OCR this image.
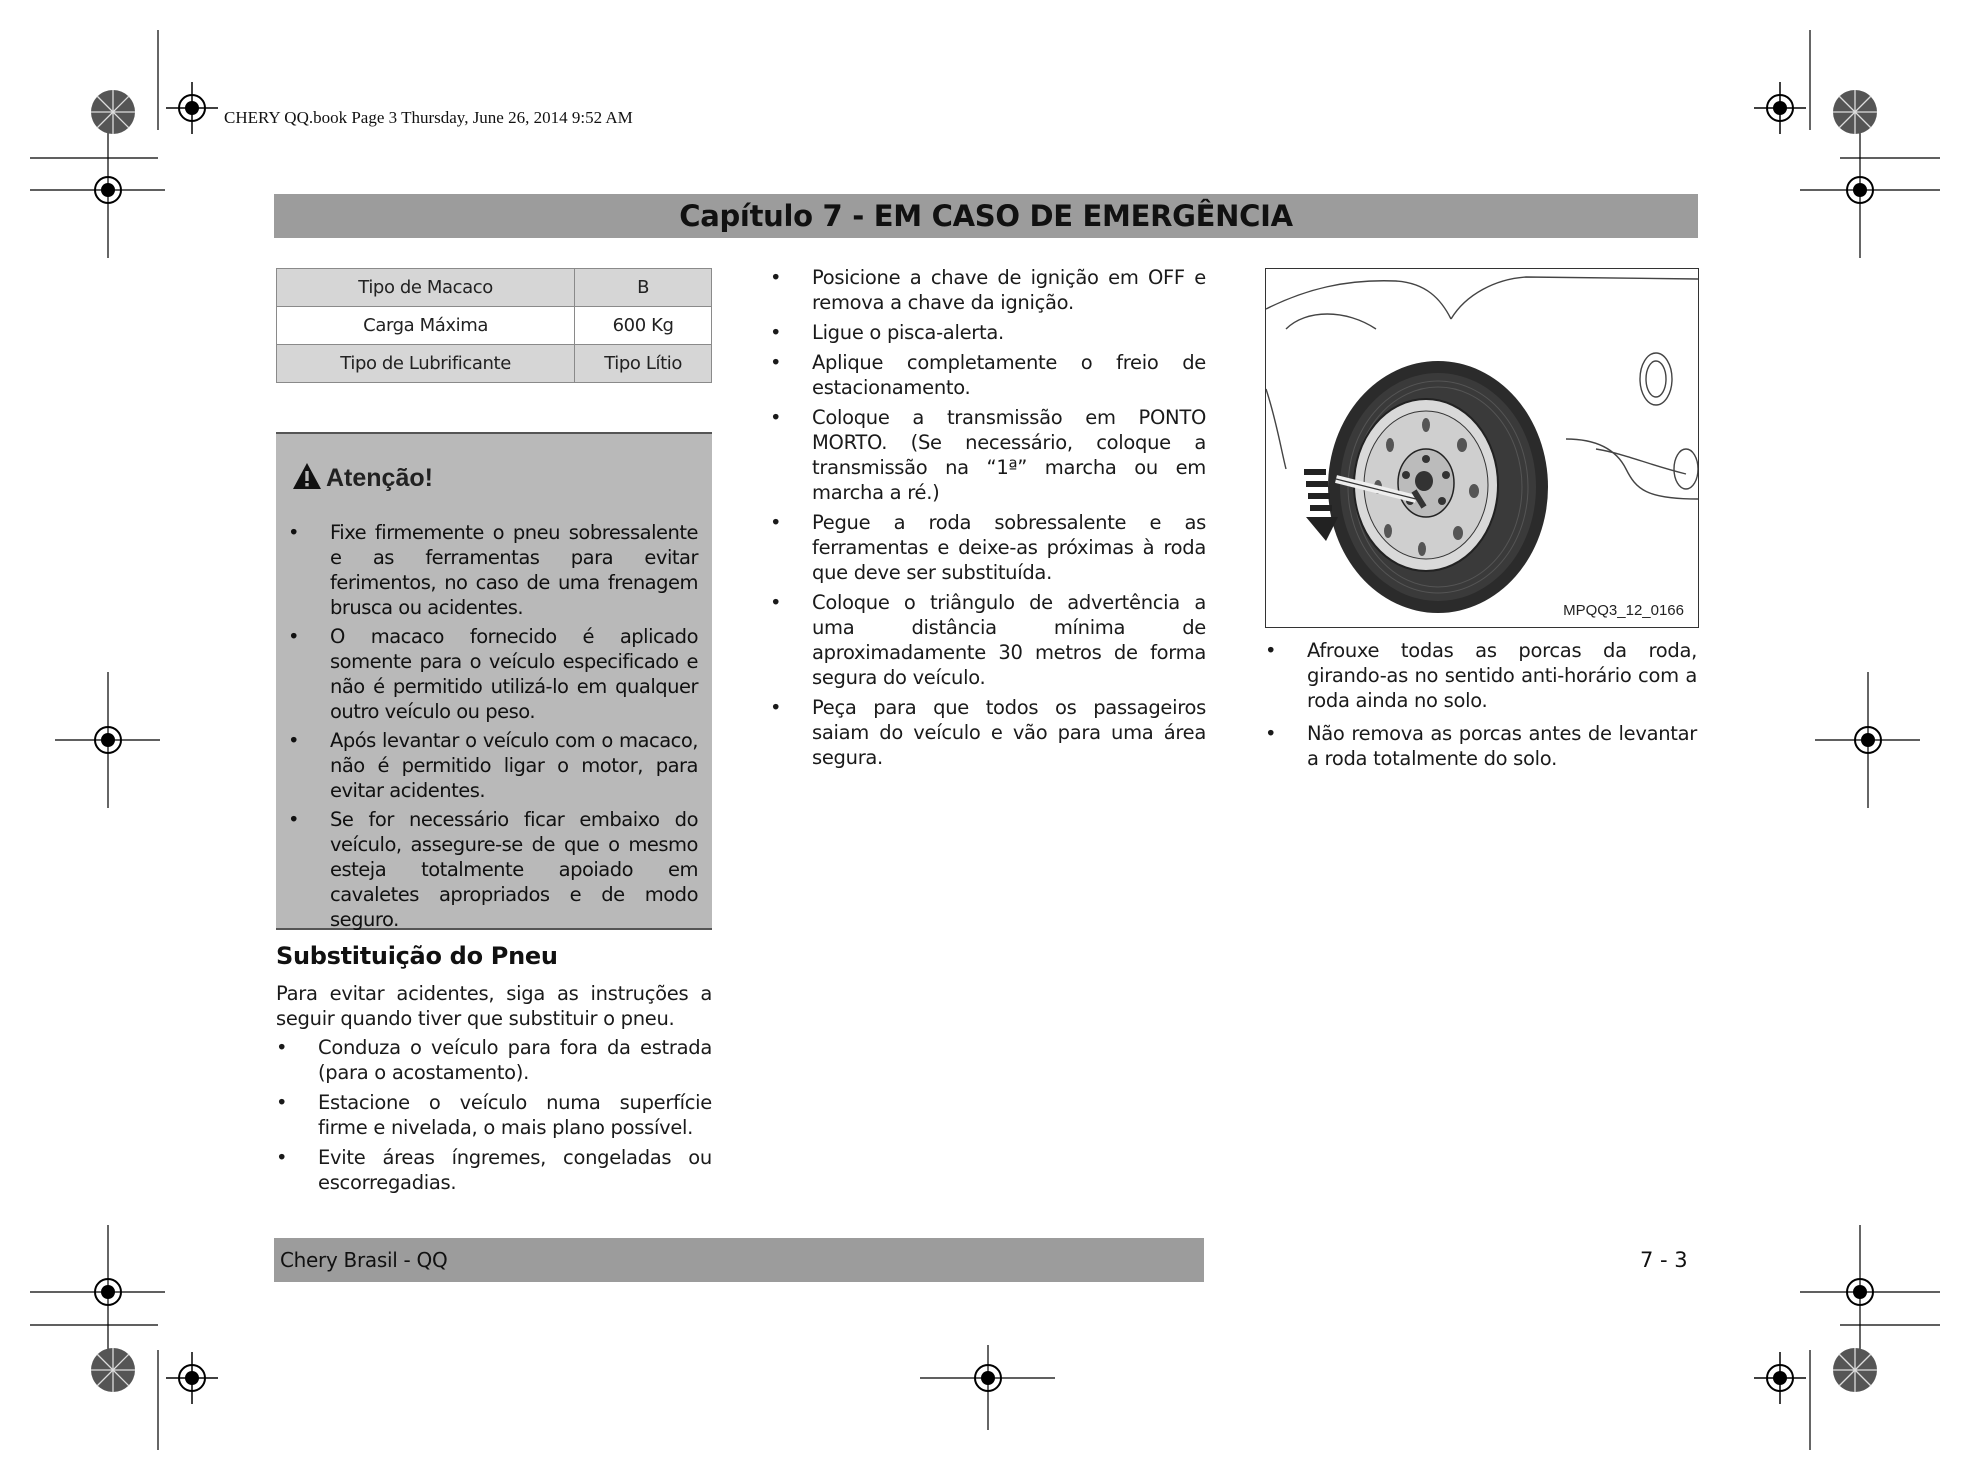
CHERY QQ.book Page 3 Thursday, June 26, 2014 9:52 AM
Capítulo 7 - EM CASO DE EMERGÊNCIA
Tipo de Macaco	B
Carga Máxima	600 Kg
Tipo de Lubrificante	Tipo Lítio
Atenção!
• Fixe firmemente o pneu sobressalente e as ferramentas para evitar ferimentos, no caso de uma frenagem brusca ou acidentes.
• O macaco fornecido é aplicado somente para o veículo especificado e não é permitido utilizá-lo em qualquer outro veículo ou peso.
• Após levantar o veículo com o macaco, não é permitido ligar o motor, para evitar acidentes.
• Se for necessário ficar embaixo do veículo, assegure-se de que o mesmo esteja totalmente apoiado em cavaletes apropriados e de modo seguro.
Substituição do Pneu
Para evitar acidentes, siga as instruções a seguir quando tiver que substituir o pneu.
• Conduza o veículo para fora da estrada (para o acostamento).
• Estacione o veículo numa superfície firme e nivelada, o mais plano possível.
• Evite áreas íngremes, congeladas ou escorregadias.
• Posicione a chave de ignição em OFF e remova a chave da ignição.
• Ligue o pisca-alerta.
• Aplique completamente o freio de estacionamento.
• Coloque a transmissão em PONTO MORTO. (Se necessário, coloque a transmissão na “1ª” marcha ou em marcha a ré.)
• Pegue a roda sobressalente e as ferramentas e deixe-as próximas à roda que deve ser substituída.
• Coloque o triângulo de advertência a uma distância mínima de aproximadamente 30 metros de forma segura do veículo.
• Peça para que todos os passageiros saiam do veículo e vão para uma área segura.
MPQQ3_12_0166
• Afrouxe todas as porcas da roda, girando-as no sentido anti-horário com a roda ainda no solo.
• Não remova as porcas antes de levantar a roda totalmente do solo.
Chery Brasil - QQ	7 - 3
